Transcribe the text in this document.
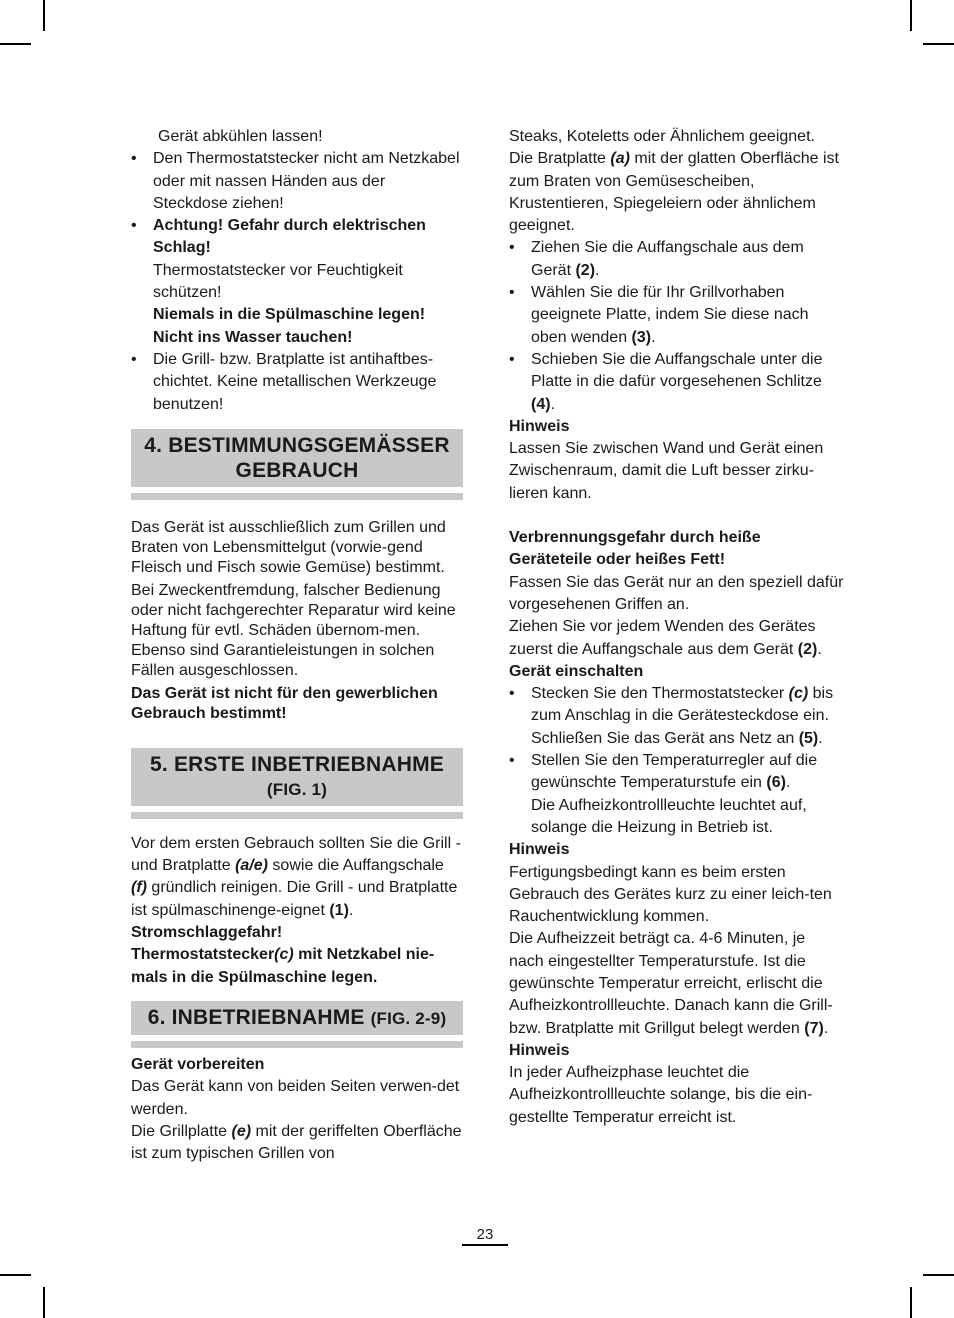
Gerät abkühlen lassen!

• Den Thermostatstecker nicht am Netzkabel oder mit nassen Händen aus der Steckdose ziehen!
• Achtung! Gefahr durch elektrischen Schlag!
Thermostatstecker vor Feuchtigkeit schützen!
Niemals in die Spülmaschine legen!
Nicht ins Wasser tauchen!
• Die Grill- bzw. Bratplatte ist antihaftbes-chichtet. Keine metallischen Werkzeuge benutzen!
4. BESTIMMUNGSGEMÄSSER
GEBRAUCH

Das Gerät ist ausschließlich zum Grillen und Braten von Lebensmittelgut (vorwie-gend Fleisch und Fisch sowie Gemüse) bestimmt.

Bei Zweckentfremdung, falscher Bedienung oder nicht fachgerechter Reparatur wird keine Haftung für evtl. Schäden übernom-men. Ebenso sind Garantieleistungen in solchen Fällen ausgeschlossen.

Das Gerät ist nicht für den gewerblichen Gebrauch bestimmt!

5. ERSTE INBETRIEBNAHME
(FIG. 1)

Vor dem ersten Gebrauch sollten Sie die Grill - und Bratplatte (a/e) sowie die Auffangschale (f) gründlich reinigen. Die Grill - und Bratplatte ist spülmaschinenge-eignet (1).

Stromschlaggefahr!

Thermostatstecker(c) mit Netzkabel nie-mals in die Spülmaschine legen.

6. INBETRIEBNAHME (FIG. 2-9)

Gerät vorbereiten

Das Gerät kann von beiden Seiten verwen-det werden.

Die Grillplatte (e) mit der geriffelten Oberfläche ist zum typischen Grillen von

Steaks, Koteletts oder Ähnlichem geeignet.

Die Bratplatte (a) mit der glatten Oberfläche ist zum Braten von Gemüsescheiben, Krustentieren, Spiegeleiern oder ähnlichem geeignet.

• Ziehen Sie die Auffangschale aus dem Gerät (2).
• Wählen Sie die für Ihr Grillvorhaben geeignete Platte, indem Sie diese nach oben wenden (3).
• Schieben Sie die Auffangschale unter die Platte in die dafür vorgesehenen Schlitze (4).

Hinweis

Lassen Sie zwischen Wand und Gerät einen Zwischenraum, damit die Luft besser zirku-lieren kann.

Verbrennungsgefahr durch heiße

Geräteteile oder heißes Fett!

Fassen Sie das Gerät nur an den speziell dafür vorgesehenen Griffen an.

Ziehen Sie vor jedem Wenden des Gerätes zuerst die Auffangschale aus dem Gerät (2).

Gerät einschalten

• Stecken Sie den Thermostatstecker (c) bis zum Anschlag in die Gerätesteckdose ein.
Schließen Sie das Gerät ans Netz an (5).
• Stellen Sie den Temperaturregler auf die gewünschte Temperaturstufe ein (6).
Die Aufheizkontrollleuchte leuchtet auf, solange die Heizung in Betrieb ist.

Hinweis

Fertigungsbedingt kann es beim ersten Gebrauch des Gerätes kurz zu einer leich-ten Rauchentwicklung kommen.

Die Aufheizzeit beträgt ca. 4-6 Minuten, je nach eingestellter Temperaturstufe. Ist die gewünschte Temperatur erreicht, erlischt die Aufheizkontrollleuchte. Danach kann die Grill- bzw. Bratplatte mit Grillgut belegt werden (7).

Hinweis

In jeder Aufheizphase leuchtet die Aufheizkontrollleuchte solange, bis die ein-gestellte Temperatur erreicht ist.

23
